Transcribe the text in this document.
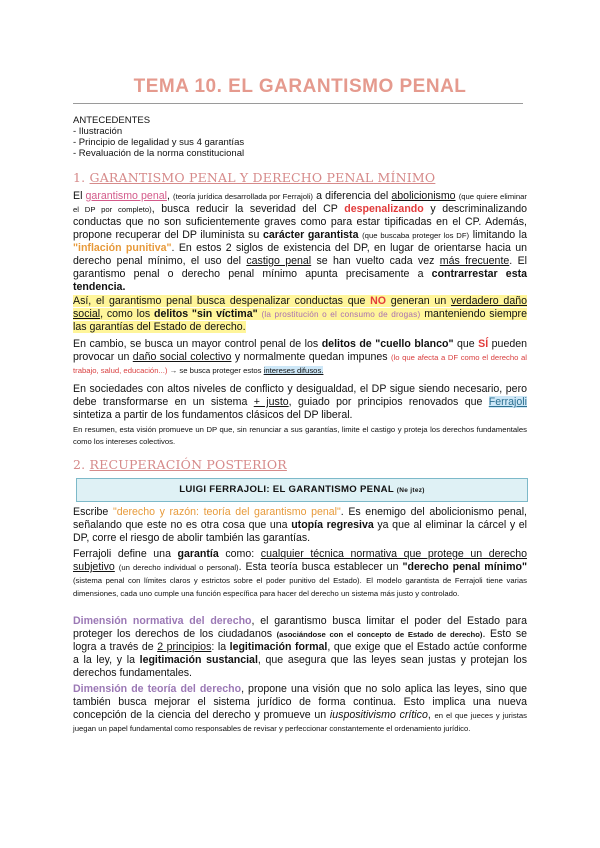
TEMA 10. EL GARANTISMO PENAL
ANTECEDENTES
- Ilustración
- Principio de legalidad y sus 4 garantías
- Revaluación de la norma constitucional
1. GARANTISMO PENAL Y DERECHO PENAL MÍNIMO
El garantismo penal, (teoría jurídica desarrollada por Ferrajoli) a diferencia del abolicionismo (que quiere eliminar el DP por completo), busca reducir la severidad del CP despenalizando y descriminalizando conductas que no son suficientemente graves como para estar tipificadas en el CP. Además, propone recuperar del DP iluminista su carácter garantista (que buscaba proteger los DF) limitando la "inflación punitiva". En estos 2 siglos de existencia del DP, en lugar de orientarse hacia un derecho penal mínimo, el uso del castigo penal se han vuelto cada vez más frecuente. El garantismo penal o derecho penal mínimo apunta precisamente a contrarrestar esta tendencia.
Así, el garantismo penal busca despenalizar conductas que NO generan un verdadero daño social, como los delitos "sin víctima" (la prostitución o el consumo de drogas) manteniendo siempre las garantías del Estado de derecho.
En cambio, se busca un mayor control penal de los delitos de "cuello blanco" que SÍ pueden provocar un daño social colectivo y normalmente quedan impunes (lo que afecta a DF como el derecho al trabajo, salud, educación...) → se busca proteger estos intereses difusos.
En sociedades con altos niveles de conflicto y desigualdad, el DP sigue siendo necesario, pero debe transformarse en un sistema + justo, guiado por principios renovados que Ferrajoli sintetiza a partir de los fundamentos clásicos del DP liberal.
En resumen, esta visión promueve un DP que, sin renunciar a sus garantías, limite el castigo y proteja los derechos fundamentales como los intereses colectivos.
2. RECUPERACIÓN POSTERIOR
LUIGI FERRAJOLI: EL GARANTISMO PENAL (Ne jtez)
Escribe "derecho y razón: teoría del garantismo penal". Es enemigo del abolicionismo penal, señalando que este no es otra cosa que una utopía regresiva ya que al eliminar la cárcel y el DP, corre el riesgo de abolir también las garantías.
Ferrajoli define una garantía como: cualquier técnica normativa que protege un derecho subjetivo (un derecho individual o personal). Esta teoría busca establecer un "derecho penal mínimo" (sistema penal con límites claros y estrictos sobre el poder punitivo del Estado). El modelo garantista de Ferrajoli tiene varias dimensiones, cada uno cumple una función específica para hacer del derecho un sistema más justo y controlado.
Dimensión normativa del derecho, el garantismo busca limitar el poder del Estado para proteger los derechos de los ciudadanos (asociándose con el concepto de Estado de derecho). Esto se logra a través de 2 principios: la legitimación formal, que exige que el Estado actúe conforme a la ley, y la legitimación sustancial, que asegura que las leyes sean justas y protejan los derechos fundamentales.
Dimensión de teoría del derecho, propone una visión que no solo aplica las leyes, sino que también busca mejorar el sistema jurídico de forma continua. Esto implica una nueva concepción de la ciencia del derecho y promueve un iuspositivismo crítico, en el que jueces y juristas juegan un papel fundamental como responsables de revisar y perfeccionar constantemente el ordenamiento jurídico.
